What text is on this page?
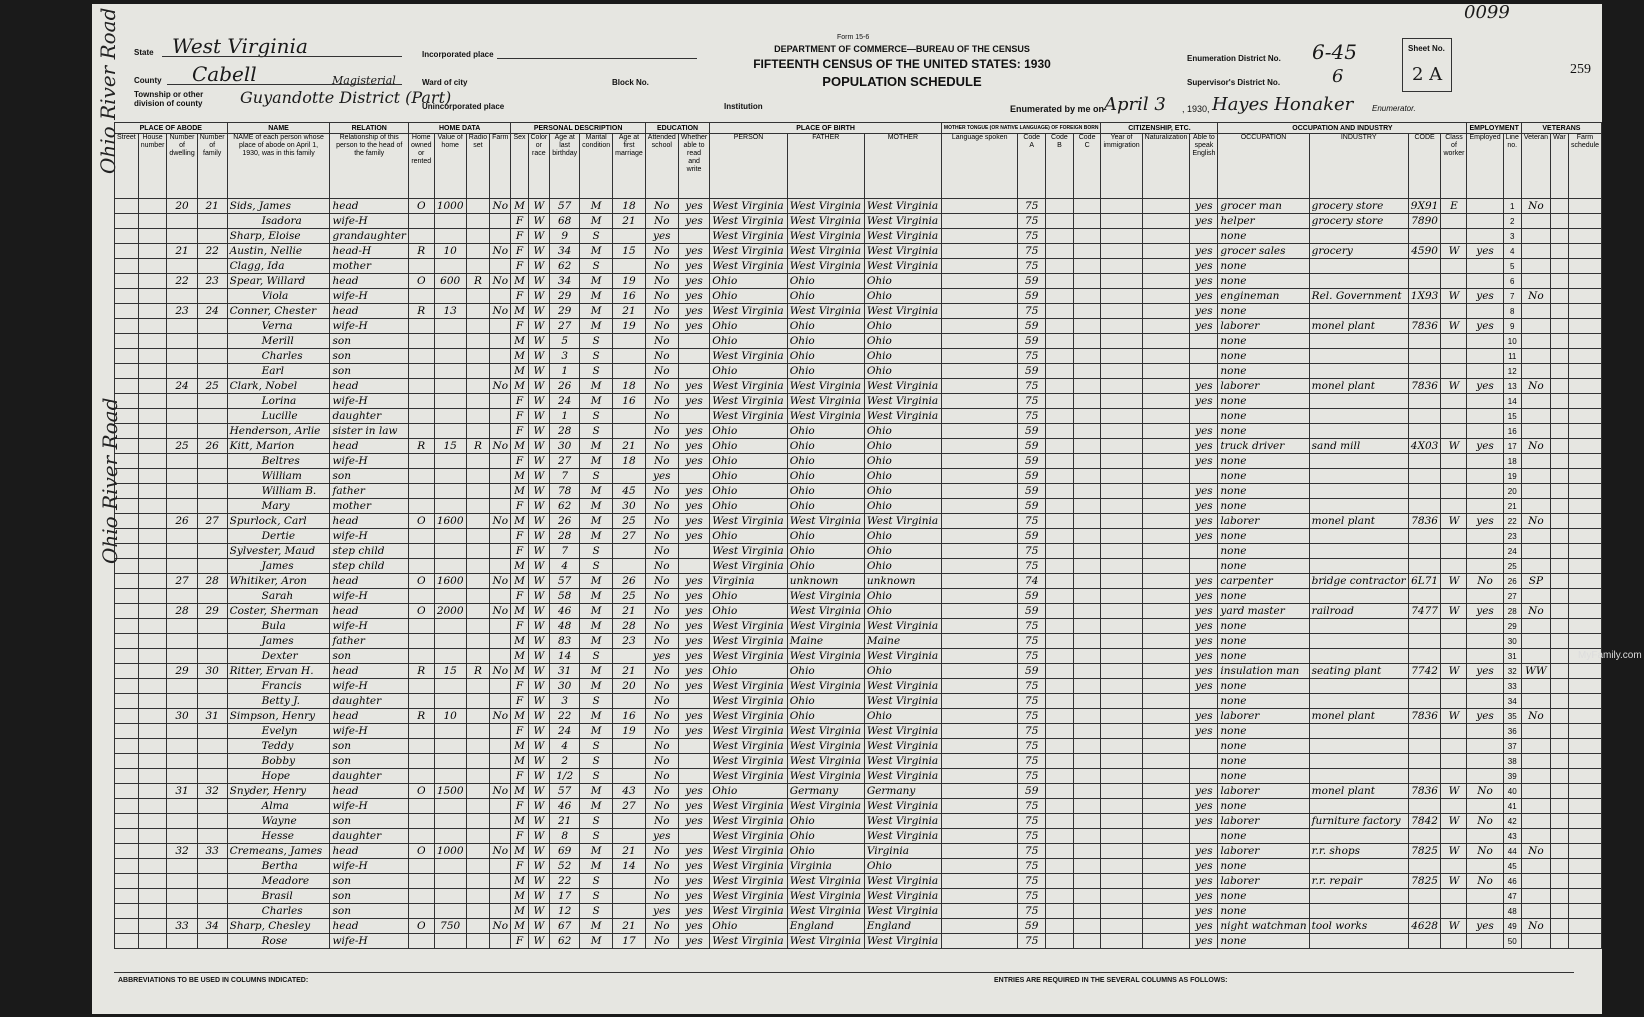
0099
259
Form 15-6
DEPARTMENT OF COMMERCE—BUREAU OF THE CENSUS
FIFTEENTH CENSUS OF THE UNITED STATES: 1930
POPULATION SCHEDULE
State West Virginia
County Cabell
Township or other division of county	Guyandotte District (Part)
Magisterial
Incorporated place
Ward of city	Block No.
Unincorporated place	Institution
Enumeration District No. 6-45
Supervisor's District No.	6
Sheet No.
2 A
Enumerated by me on April 3 , 1930, Hayes Honaker Enumerator.
PLACE OF ABODE				NAME	RELATION	HOME DATA				PERSONAL DESCRIPTION					EDUCATION		PLACE OF BIRTH			MOTHER TONGUE (OR NATIVE LANGUAGE) OF FOREIGN BORN				CITIZENSHIP, ETC.			OCCUPATION AND INDUSTRY				EMPLOYMENT		VETERANS		
Street	House number	Number of dwelling	Number of family	NAME of each person whose place of abode on April 1, 1930, was in this family	Relationship of this person to the head of the family	Home owned or rented	Value of home	Radio set	Farm	Sex	Color or race	Age at last birthday	Marital condition	Age at first marriage	Attended school	Whether able to read and write	PERSON	FATHER	MOTHER	Language spoken	Code A	Code B	Code C	Year of immigration	Naturalization	Able to speak English	OCCUPATION	INDUSTRY	CODE	Class of worker	Employed	Line no.	Veteran	War	Farm schedule
		20	21	Sids, James	head	O	1000		No	M	W	57	M	18	No	yes	West Virginia	West Virginia	West Virginia		75					yes	grocer man	grocery store	9X91	E		1	No		
				Isadora	wife-H					F	W	68	M	21	No	yes	West Virginia	West Virginia	West Virginia		75					yes	helper	grocery store	7890			2			
				Sharp, Eloise	grandaughter					F	W	9	S		yes		West Virginia	West Virginia	West Virginia		75						none					3			
		21	22	Austin, Nellie	head-H	R	10		No	F	W	34	M	15	No	yes	West Virginia	West Virginia	West Virginia		75					yes	grocer sales	grocery	4590	W	yes	4			
				Clagg, Ida	mother					F	W	62	S		No	yes	West Virginia	West Virginia	West Virginia		75					yes	none					5			
		22	23	Spear, Willard	head	O	600	R	No	M	W	34	M	19	No	yes	Ohio	Ohio	Ohio		59					yes	none					6			
				Viola	wife-H					F	W	29	M	16	No	yes	Ohio	Ohio	Ohio		59					yes	engineman	Rel. Government	1X93	W	yes	7	No		
		23	24	Conner, Chester	head	R	13		No	M	W	29	M	21	No	yes	West Virginia	West Virginia	West Virginia		75					yes	none					8			
				Verna	wife-H					F	W	27	M	19	No	yes	Ohio	Ohio	Ohio		59					yes	laborer	monel plant	7836	W	yes	9			
				Merill	son					M	W	5	S		No		Ohio	Ohio	Ohio		59						none					10			
				Charles	son					M	W	3	S		No		West Virginia	Ohio	Ohio		75						none					11			
				Earl	son					M	W	1	S		No		Ohio	Ohio	Ohio		59						none					12			
		24	25	Clark, Nobel	head				No	M	W	26	M	18	No	yes	West Virginia	West Virginia	West Virginia		75					yes	laborer	monel plant	7836	W	yes	13	No		
				Lorina	wife-H					F	W	24	M	16	No	yes	West Virginia	West Virginia	West Virginia		75					yes	none					14			
				Lucille	daughter					F	W	1	S		No		West Virginia	West Virginia	West Virginia		75						none					15			
				Henderson, Arlie	sister in law					F	W	28	S		No	yes	Ohio	Ohio	Ohio		59					yes	none					16			
		25	26	Kitt, Marion	head	R	15	R	No	M	W	30	M	21	No	yes	Ohio	Ohio	Ohio		59					yes	truck driver	sand mill	4X03	W	yes	17	No		
				Beltres	wife-H					F	W	27	M	18	No	yes	Ohio	Ohio	Ohio		59					yes	none					18			
				William	son					M	W	7	S		yes		Ohio	Ohio	Ohio		59						none					19			
				William B.	father					M	W	78	M	45	No	yes	Ohio	Ohio	Ohio		59					yes	none					20			
				Mary	mother					F	W	62	M	30	No	yes	Ohio	Ohio	Ohio		59					yes	none					21			
		26	27	Spurlock, Carl	head	O	1600		No	M	W	26	M	25	No	yes	West Virginia	West Virginia	West Virginia		75					yes	laborer	monel plant	7836	W	yes	22	No		
				Dertie	wife-H					F	W	28	M	27	No	yes	Ohio	Ohio	Ohio		59					yes	none					23			
				Sylvester, Maud	step child					F	W	7	S		No		West Virginia	Ohio	Ohio		75						none					24			
				James	step child					M	W	4	S		No		West Virginia	Ohio	Ohio		75						none					25			
		27	28	Whitiker, Aron	head	O	1600		No	M	W	57	M	26	No	yes	Virginia	unknown	unknown		74					yes	carpenter	bridge contractor	6L71	W	No	26	SP		
				Sarah	wife-H					F	W	58	M	25	No	yes	Ohio	West Virginia	Ohio		59					yes	none					27			
		28	29	Coster, Sherman	head	O	2000		No	M	W	46	M	21	No	yes	Ohio	West Virginia	Ohio		59					yes	yard master	railroad	7477	W	yes	28	No		
				Bula	wife-H					F	W	48	M	28	No	yes	West Virginia	West Virginia	West Virginia		75					yes	none					29			
				James	father					M	W	83	M	23	No	yes	West Virginia	Maine	Maine		75					yes	none					30			
				Dexter	son					M	W	14	S		yes	yes	West Virginia	West Virginia	West Virginia		75					yes	none					31			
		29	30	Ritter, Ervan H.	head	R	15	R	No	M	W	31	M	21	No	yes	Ohio	Ohio	Ohio		59					yes	insulation man	seating plant	7742	W	yes	32	WW		
				Francis	wife-H					F	W	30	M	20	No	yes	West Virginia	West Virginia	West Virginia		75					yes	none					33			
				Betty J.	daughter					F	W	3	S		No		West Virginia	Ohio	West Virginia		75						none					34			
		30	31	Simpson, Henry	head	R	10		No	M	W	22	M	16	No	yes	West Virginia	Ohio	Ohio		75					yes	laborer	monel plant	7836	W	yes	35	No		
				Evelyn	wife-H					F	W	24	M	19	No	yes	West Virginia	West Virginia	West Virginia		75					yes	none					36			
				Teddy	son					M	W	4	S		No		West Virginia	West Virginia	West Virginia		75						none					37			
				Bobby	son					M	W	2	S		No		West Virginia	West Virginia	West Virginia		75						none					38			
				Hope	daughter					F	W	1/2	S		No		West Virginia	West Virginia	West Virginia		75						none					39			
		31	32	Snyder, Henry	head	O	1500		No	M	W	57	M	43	No	yes	Ohio	Germany	Germany		59					yes	laborer	monel plant	7836	W	No	40			
				Alma	wife-H					F	W	46	M	27	No	yes	West Virginia	West Virginia	West Virginia		75					yes	none					41			
				Wayne	son					M	W	21	S		No	yes	West Virginia	Ohio	West Virginia		75					yes	laborer	furniture factory	7842	W	No	42			
				Hesse	daughter					F	W	8	S		yes		West Virginia	Ohio	West Virginia		75						none					43			
		32	33	Cremeans, James	head	O	1000		No	M	W	69	M	21	No	yes	West Virginia	Ohio	Virginia		75					yes	laborer	r.r. shops	7825	W	No	44	No		
				Bertha	wife-H					F	W	52	M	14	No	yes	West Virginia	Virginia	Ohio		75					yes	none					45			
				Meadore	son					M	W	22	S		No	yes	West Virginia	West Virginia	West Virginia		75					yes	laborer	r.r. repair	7825	W	No	46			
				Brasil	son					M	W	17	S		No	yes	West Virginia	West Virginia	West Virginia		75					yes	none					47			
				Charles	son					M	W	12	S		yes	yes	West Virginia	West Virginia	West Virginia		75					yes	none					48			
		33	34	Sharp, Chesley	head	O	750		No	M	W	67	M	21	No	yes	Ohio	England	England		59					yes	night watchman	tool works	4628	W	yes	49	No		
				Rose	wife-H					F	W	62	M	17	No	yes	West Virginia	West Virginia	West Virginia		75					yes	none					50			
Ohio River Road
Ohio River Road
ABBREVIATIONS TO BE USED IN COLUMNS INDICATED:	ENTRIES ARE REQUIRED IN THE SEVERAL COLUMNS AS FOLLOWS:
MyFamily.com
